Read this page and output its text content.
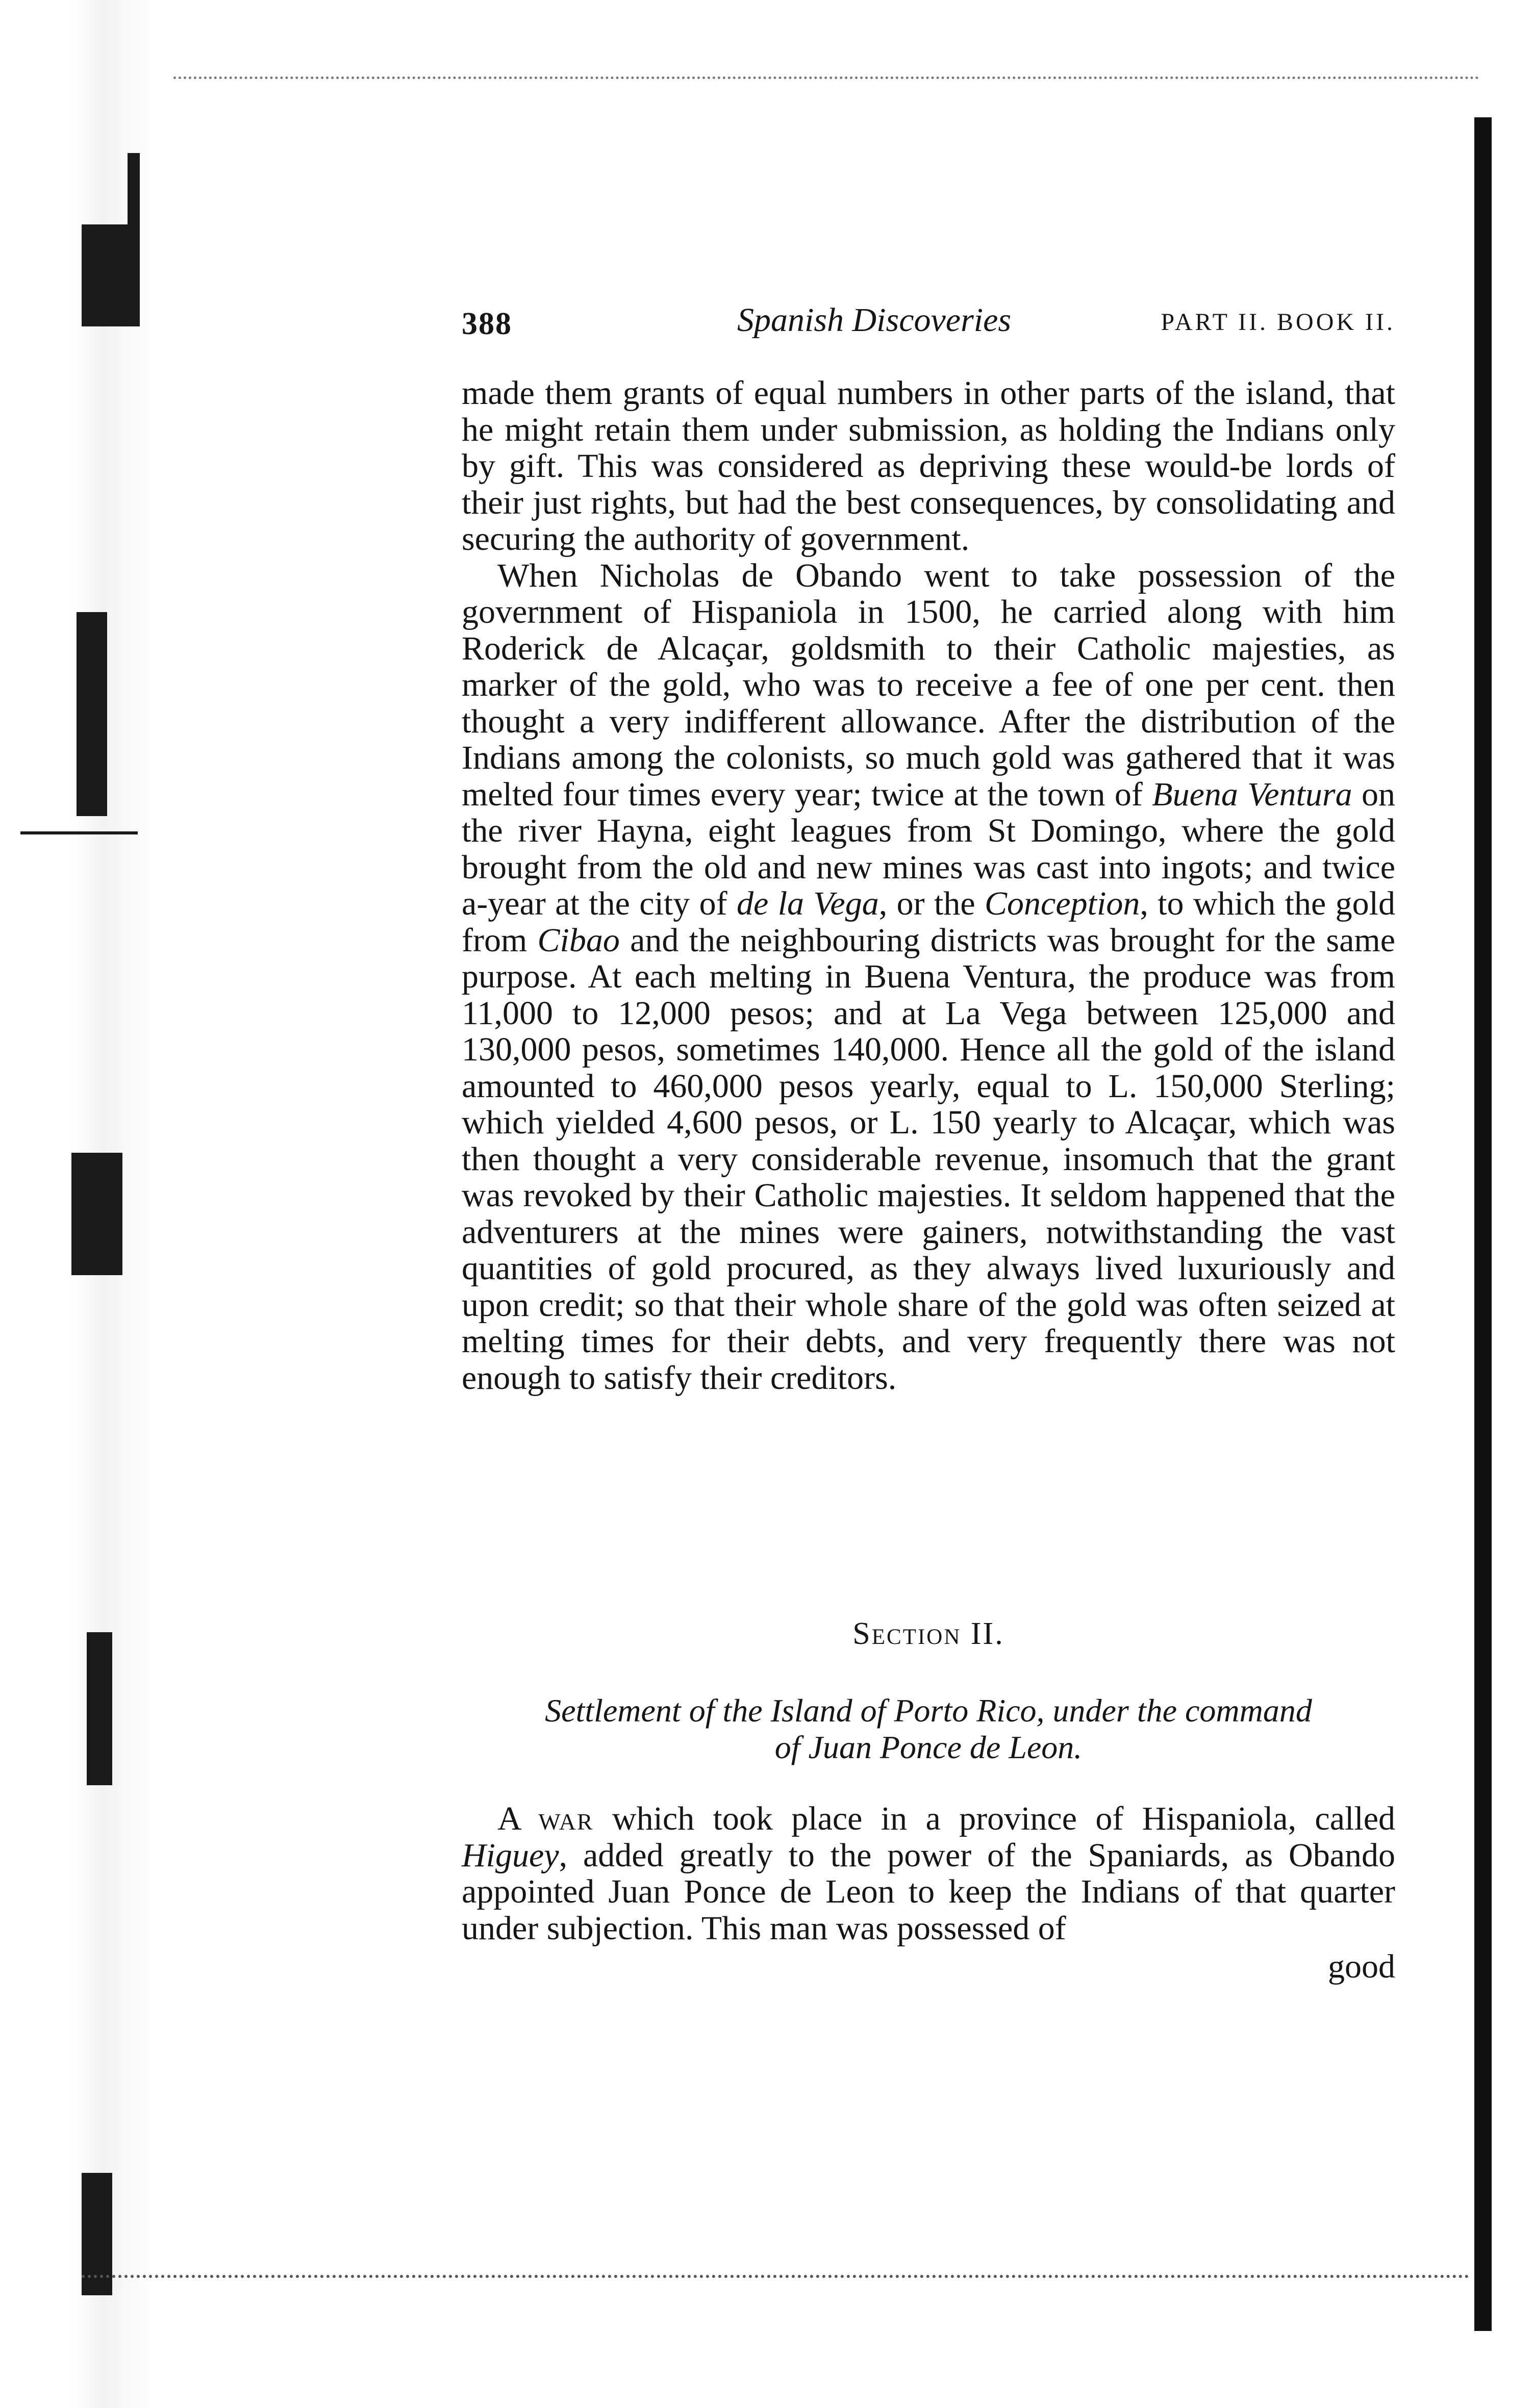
388	Spanish Discoveries	PART II. BOOK II.

made them grants of equal numbers in other parts of the island, that he might retain them under submission, as holding the Indians only by gift. This was considered as depriving these would-be lords of their just rights, but had the best consequences, by consolidating and securing the authority of government.

When Nicholas de Obando went to take possession of the government of Hispaniola in 1500, he carried along with him Roderick de Alcaçar, goldsmith to their Catholic majesties, as marker of the gold, who was to receive a fee of one per cent. then thought a very indifferent allowance. After the distribution of the Indians among the colonists, so much gold was gathered that it was melted four times every year; twice at the town of Buena Ventura on the river Hayna, eight leagues from St Domingo, where the gold brought from the old and new mines was cast into ingots; and twice a-year at the city of de la Vega, or the Conception, to which the gold from Cibao and the neighbouring districts was brought for the same purpose. At each melting in Buena Ventura, the produce was from 11,000 to 12,000 pesos; and at La Vega between 125,000 and 130,000 pesos, sometimes 140,000. Hence all the gold of the island amounted to 460,000 pesos yearly, equal to L. 150,000 Sterling; which yielded 4,600 pesos, or L. 150 yearly to Alcaçar, which was then thought a very considerable revenue, insomuch that the grant was revoked by their Catholic majesties. It seldom happened that the adventurers at the mines were gainers, notwithstanding the vast quantities of gold procured, as they always lived luxuriously and upon credit; so that their whole share of the gold was often seized at melting times for their debts, and very frequently there was not enough to satisfy their creditors.

Section II.
Settlement of the Island of Porto Rico, under the command
of Juan Ponce de Leon.

A war which took place in a province of Hispaniola, called Higuey, added greatly to the power of the Spaniards, as Obando appointed Juan Ponce de Leon to keep the Indians of that quarter under subjection. This man was possessed of

good
